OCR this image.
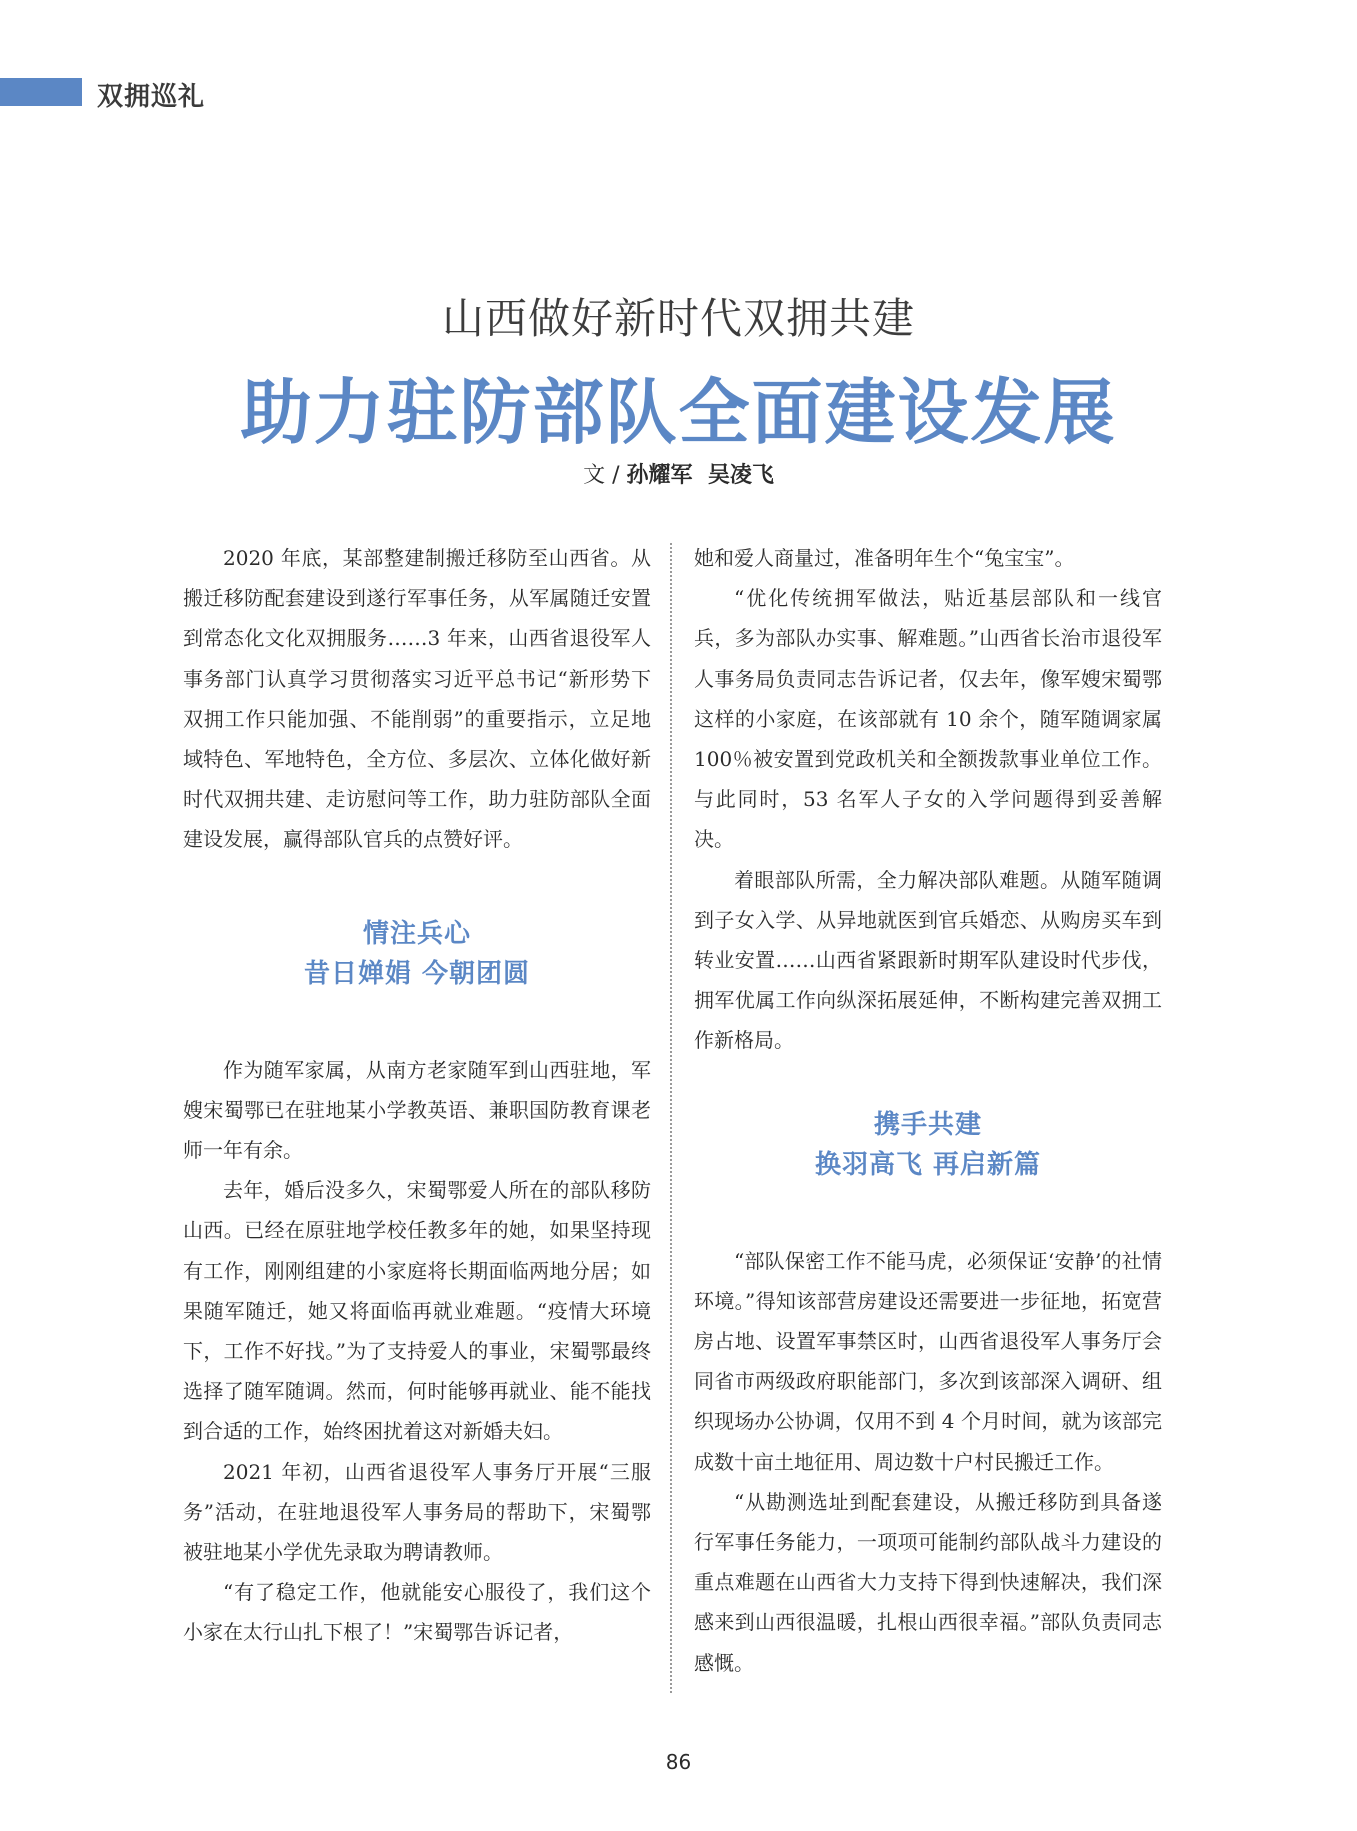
双拥巡礼
山西做好新时代双拥共建
助力驻防部队全面建设发展
文 / 孙耀军  吴凌飞

2020 年底，某部整建制搬迁移防至山西省。从搬迁移防配套建设到遂行军事任务，从军属随迁安置到常态化文化双拥服务……3 年来，山西省退役军人事务部门认真学习贯彻落实习近平总书记“新形势下双拥工作只能加强、不能削弱”的重要指示，立足地域特色、军地特色，全方位、多层次、立体化做好新时代双拥共建、走访慰问等工作，助力驻防部队全面建设发展，赢得部队官兵的点赞好评。

情注兵心
昔日婵娟 今朝团圆

作为随军家属，从南方老家随军到山西驻地，军嫂宋蜀鄂已在驻地某小学教英语、兼职国防教育课老师一年有余。

去年，婚后没多久，宋蜀鄂爱人所在的部队移防山西。已经在原驻地学校任教多年的她，如果坚持现有工作，刚刚组建的小家庭将长期面临两地分居；如果随军随迁，她又将面临再就业难题。“疫情大环境下，工作不好找。”为了支持爱人的事业，宋蜀鄂最终选择了随军随调。然而，何时能够再就业、能不能找到合适的工作，始终困扰着这对新婚夫妇。

2021 年初，山西省退役军人事务厅开展“三服务”活动，在驻地退役军人事务局的帮助下，宋蜀鄂被驻地某小学优先录取为聘请教师。

“有了稳定工作，他就能安心服役了，我们这个小家在太行山扎下根了！”宋蜀鄂告诉记者，

她和爱人商量过，准备明年生个“兔宝宝”。

“优化传统拥军做法，贴近基层部队和一线官兵，多为部队办实事、解难题。”山西省长治市退役军人事务局负责同志告诉记者，仅去年，像军嫂宋蜀鄂这样的小家庭，在该部就有 10 余个，随军随调家属 100％被安置到党政机关和全额拨款事业单位工作。与此同时，53 名军人子女的入学问题得到妥善解决。

着眼部队所需，全力解决部队难题。从随军随调到子女入学、从异地就医到官兵婚恋、从购房买车到转业安置……山西省紧跟新时期军队建设时代步伐，拥军优属工作向纵深拓展延伸，不断构建完善双拥工作新格局。

携手共建
换羽高飞 再启新篇

“部队保密工作不能马虎，必须保证‘安静’的社情环境。”得知该部营房建设还需要进一步征地，拓宽营房占地、设置军事禁区时，山西省退役军人事务厅会同省市两级政府职能部门，多次到该部深入调研、组织现场办公协调，仅用不到 4 个月时间，就为该部完成数十亩土地征用、周边数十户村民搬迁工作。

“从勘测选址到配套建设，从搬迁移防到具备遂行军事任务能力，一项项可能制约部队战斗力建设的重点难题在山西省大力支持下得到快速解决，我们深感来到山西很温暖，扎根山西很幸福。”部队负责同志感慨。

86
